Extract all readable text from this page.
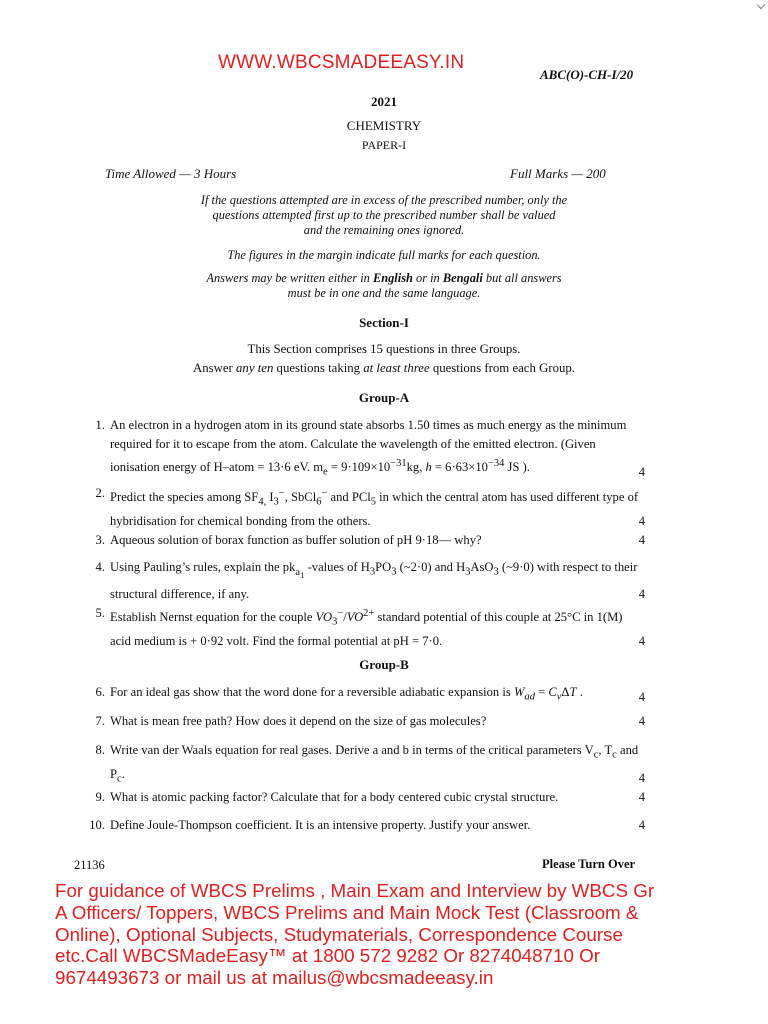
WWW.WBCSMADEEASY.IN
ABC(O)-CH-I/20
2021
CHEMISTRY
PAPER-I
Time Allowed — 3 Hours	Full Marks — 200
If the questions attempted are in excess of the prescribed number, only the
questions attempted first up to the prescribed number shall be valued
and the remaining ones ignored.
The figures in the margin indicate full marks for each question.
Answers may be written either in English or in Bengali but all answers
must be in one and the same language.
Section-I
This Section comprises 15 questions in three Groups.
Answer any ten questions taking at least three questions from each Group.
Group-A
1. An electron in a hydrogen atom in its ground state absorbs 1.50 times as much energy as the minimum required for it to escape from the atom. Calculate the wavelength of the emitted electron. (Given ionisation energy of H–atom = 13·6 eV. $m_e = 9\cdot 109\times 10^{-31}kg$, $h = 6\cdot 63\times 10^{-34}$ JS ).	4
2. Predict the species among $SF_{4,}$ $I_3^-$, SbCl$_6$− and PCl$_5$ in which the central atom has used different type of hybridisation for chemical bonding from the others.	4
3. Aqueous solution of borax function as buffer solution of pH 9·18— why?	4
4. Using Pauling’s rules, explain the $pk_{a_1}$ -values of $H_3PO_3$ (~2·0) and $H_3AsO_3$ (~9·0) with respect to their structural difference, if any.	4
5. Establish Nernst equation for the couple $VO_3^-/VO^{2+}$ standard potential of this couple at 25°C in 1(M) acid medium is + 0·92 volt. Find the formal potential at pH = 7·0.	4
Group-B
6. For an ideal gas show that the word done for a reversible adiabatic expansion is $W_{ad} = C_v\Delta T$ .	4
7. What is mean free path? How does it depend on the size of gas molecules?	4
8. Write van der Waals equation for real gases. Derive a and b in terms of the critical parameters $V_c$, $T_c$ and $P_c$.	4
9. What is atomic packing factor? Calculate that for a body centered cubic crystal structure.	4
10. Define Joule-Thompson coefficient. It is an intensive property. Justify your answer.	4
21136	Please Turn Over
For guidance of WBCS Prelims , Main Exam and Interview by WBCS Gr
A Officers/ Toppers, WBCS Prelims and Main Mock Test (Classroom &
Online), Optional Subjects, Studymaterials, Correspondence Course
etc.Call WBCSMadeEasy™ at 1800 572 9282 Or 8274048710 Or
9674493673 or mail us at mailus@wbcsmadeeasy.in
